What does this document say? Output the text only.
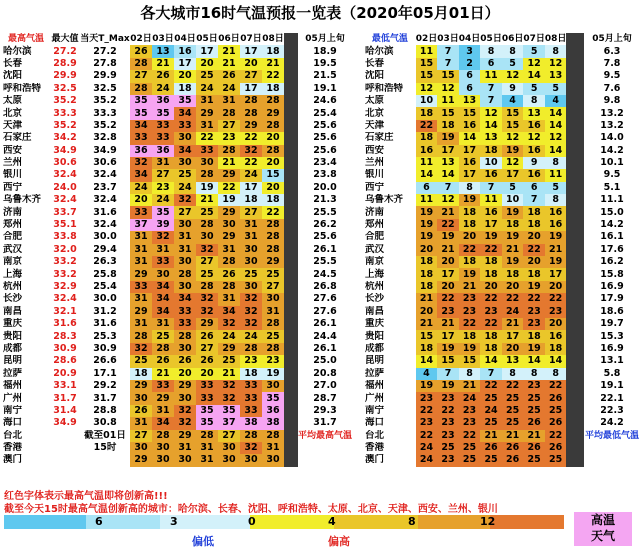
各大城市16时气温预报一览表（2020年05月01日）
最高气温	最大值	当天T_Max	02日	03日	04日	05日	06日	07日	08日		05月上旬
哈尔滨	27.2	27.2	26	13	16	17	21	17	18		18.9
长春	28.9	27.8	28	21	17	20	21	20	21		19.5
沈阳	29.9	29.9	27	26	20	25	26	27	22		21.5
呼和浩特	32.5	32.5	28	24	18	24	24	17	18		19.1
太原	35.2	35.2	35	36	35	31	31	28	28		24.6
北京	33.3	33.3	35	35	34	29	28	28	29		25.4
天津	35.2	35.2	34	33	33	31	27	29	28		25.6
石家庄	34.2	32.8	33	33	30	22	23	22	20		25.6
西安	34.9	34.9	36	36	34	33	28	32	28		25.6
兰州	30.6	30.6	32	31	30	30	21	22	20		23.4
银川	32.4	32.4	34	27	25	28	29	24	15		23.8
西宁	24.0	23.7	24	23	24	19	22	17	20		20.0
乌鲁木齐	32.4	32.4	20	24	32	21	19	18	18		21.3
济南	33.7	31.6	33	35	27	25	29	27	22		25.5
郑州	35.1	32.4	37	39	30	28	30	31	28		26.2
合肥	33.8	30.0	31	32	31	30	29	31	28		25.6
武汉	32.0	29.4	31	31	31	32	31	30	28		26.1
南京	33.2	26.3	31	33	30	27	28	30	29		25.5
上海	33.2	25.8	29	30	28	25	26	25	25		24.5
杭州	32.9	25.4	33	34	30	28	28	30	27		26.8
长沙	32.4	30.0	31	34	34	32	31	32	30		27.6
南昌	32.1	31.2	29	34	33	32	34	32	31		27.6
重庆	31.6	31.6	31	31	33	29	32	32	28		26.1
贵阳	28.3	25.3	28	25	28	26	24	24	25		24.4
成都	30.9	30.9	32	28	30	27	29	28	28		26.1
昆明	28.6	26.6	25	26	26	26	25	23	23		25.0
拉萨	20.9	17.1	18	21	20	20	21	18	19		20.8
福州	33.1	29.2	29	33	29	33	32	33	30		27.0
广州	31.7	31.7	30	29	30	33	32	33	35		28.7
南宁	31.4	28.8	26	31	32	35	35	33	36		29.3
海口	34.9	30.8	31	34	32	35	37	38	38		31.7
台北		截至01日	27	28	29	28	27	28	28		平均最高气温
香港		15时	30	30	31	31	30	32	31		
澳门			29	30	30	31	30	30	30		
最低气温	02日	03日	04日	05日	06日	07日	08日		05月上旬
哈尔滨	11	7	3	8	8	5	8		6.3
长春	15	7	2	6	5	12	12		7.8
沈阳	15	15	6	11	12	14	13		9.5
呼和浩特	12	12	6	7	9	5	5		7.6
太原	10	11	13	7	4	8	4		9.8
北京	18	15	15	12	15	13	14		13.2
天津	22	18	16	14	15	16	14		13.2
石家庄	18	19	14	13	12	12	12		14.0
西安	16	17	17	18	19	16	14		14.2
兰州	11	13	16	10	12	9	8		10.1
银川	14	14	17	16	17	16	11		9.5
西宁	6	7	8	7	5	6	5		5.1
乌鲁木齐	11	12	19	11	10	7	8		11.1
济南	19	21	18	16	19	18	16		15.0
郑州	19	22	18	17	18	18	16		14.2
合肥	19	19	20	19	19	20	19		16.1
武汉	20	21	22	22	21	22	21		17.6
南京	18	20	18	18	19	20	19		16.2
上海	18	17	19	18	18	18	17		15.8
杭州	18	20	21	20	20	19	20		16.9
长沙	21	22	23	22	22	22	22		17.9
南昌	20	23	23	23	24	23	23		18.6
重庆	21	21	22	22	21	23	20		19.7
贵阳	15	17	18	18	17	18	16		15.3
成都	18	19	19	18	20	19	18		16.9
昆明	14	15	15	14	13	14	14		13.1
拉萨	4	7	8	7	8	8	8		5.8
福州	19	19	21	22	22	23	22		19.1
广州	23	23	24	25	25	25	26		22.1
南宁	22	22	23	24	25	25	25		22.3
海口	23	23	23	25	25	26	26		24.2
台北	22	23	22	21	21	21	22		平均最低气温
香港	24	25	25	26	26	26	26		
澳门	24	23	25	25	26	25	25		
红色字体表示最高气温即将创新高!!!
截至今天15时最高气温创新高的城市：哈尔滨、长春、沈阳、呼和浩特、太原、北京、天津、西安、兰州、银川
6	3	0	4	8	12
偏低	偏高
高温
天气
